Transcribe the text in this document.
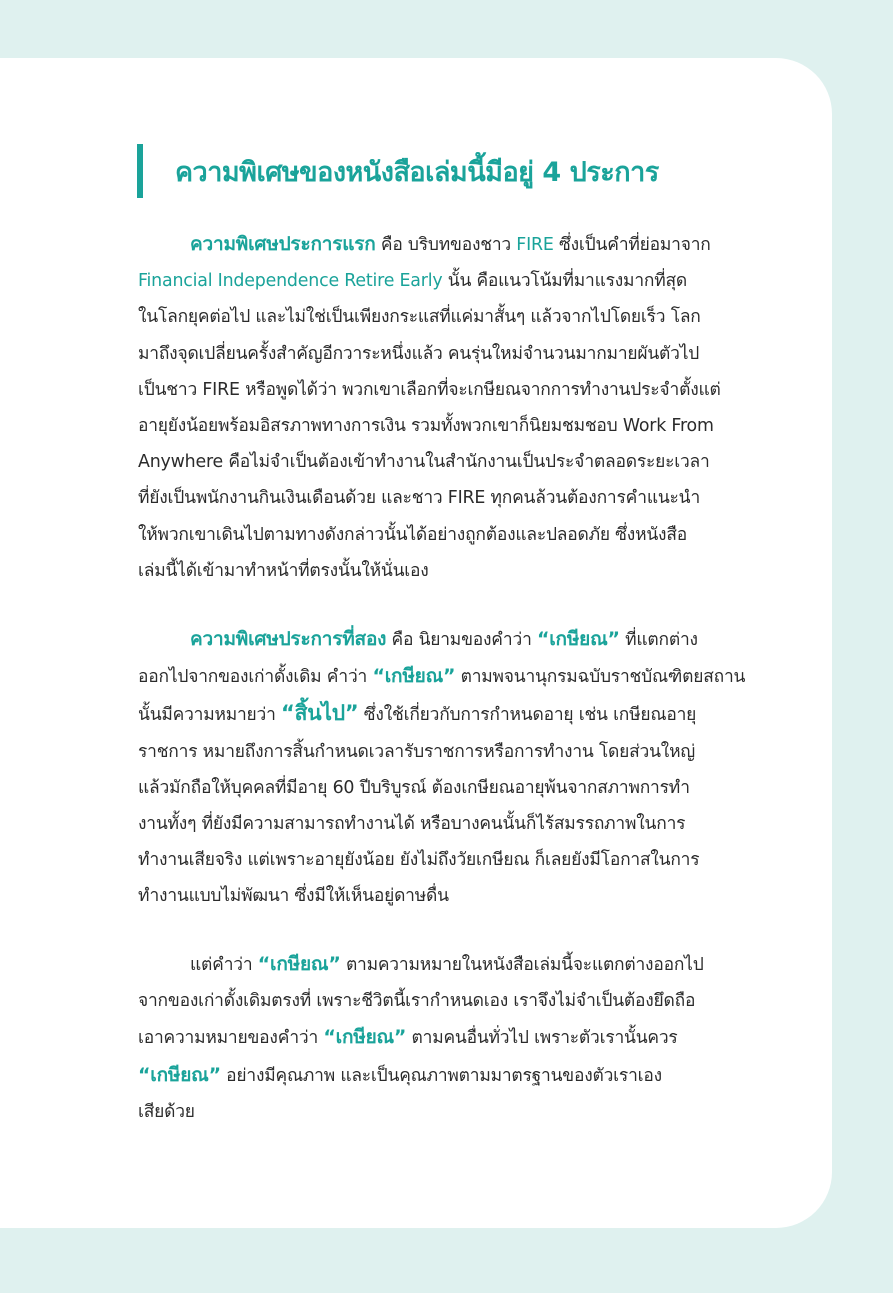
ความพิเศษของหนังสือเล่มนี้มีอยู่ 4 ประการ
ความพิเศษประการแรก คือ บริบทของชาว FIRE ซึ่งเป็นคำที่ย่อมาจาก
Financial Independence Retire Early นั้น คือแนวโน้มที่มาแรงมากที่สุด
ในโลกยุคต่อไป และไม่ใช่เป็นเพียงกระแสที่แค่มาสั้นๆ แล้วจากไปโดยเร็ว โลก
มาถึงจุดเปลี่ยนครั้งสำคัญอีกวาระหนึ่งแล้ว คนรุ่นใหม่จำนวนมากมายผันตัวไป
เป็นชาว FIRE หรือพูดได้ว่า พวกเขาเลือกที่จะเกษียณจากการทำงานประจำตั้งแต่
อายุยังน้อยพร้อมอิสรภาพทางการเงิน รวมทั้งพวกเขาก็นิยมชมชอบ Work From
Anywhere คือไม่จำเป็นต้องเข้าทำงานในสำนักงานเป็นประจำตลอดระยะเวลา
ที่ยังเป็นพนักงานกินเงินเดือนด้วย และชาว FIRE ทุกคนล้วนต้องการคำแนะนำ
ให้พวกเขาเดินไปตามทางดังกล่าวนั้นได้อย่างถูกต้องและปลอดภัย ซึ่งหนังสือ
เล่มนี้ได้เข้ามาทำหน้าที่ตรงนั้นให้นั่นเอง
ความพิเศษประการที่สอง คือ นิยามของคำว่า “เกษียณ” ที่แตกต่าง
ออกไปจากของเก่าดั้งเดิม คำว่า “เกษียณ” ตามพจนานุกรมฉบับราชบัณฑิตยสถาน
นั้นมีความหมายว่า “สิ้นไป” ซึ่งใช้เกี่ยวกับการกำหนดอายุ เช่น เกษียณอายุ
ราชการ หมายถึงการสิ้นกำหนดเวลารับราชการหรือการทำงาน โดยส่วนใหญ่
แล้วมักถือให้บุคคลที่มีอายุ 60 ปีบริบูรณ์ ต้องเกษียณอายุพ้นจากสภาพการทำ
งานทั้งๆ ที่ยังมีความสามารถทำงานได้ หรือบางคนนั้นก็ไร้สมรรถภาพในการ
ทำงานเสียจริง แต่เพราะอายุยังน้อย ยังไม่ถึงวัยเกษียณ ก็เลยยังมีโอกาสในการ
ทำงานแบบไม่พัฒนา ซึ่งมีให้เห็นอยู่ดาษดื่น
แต่คำว่า “เกษียณ” ตามความหมายในหนังสือเล่มนี้จะแตกต่างออกไป
จากของเก่าดั้งเดิมตรงที่ เพราะชีวิตนี้เรากำหนดเอง เราจึงไม่จำเป็นต้องยึดถือ
เอาความหมายของคำว่า “เกษียณ” ตามคนอื่นทั่วไป เพราะตัวเรานั้นควร
“เกษียณ” อย่างมีคุณภาพ และเป็นคุณภาพตามมาตรฐานของตัวเราเอง
เสียด้วย
